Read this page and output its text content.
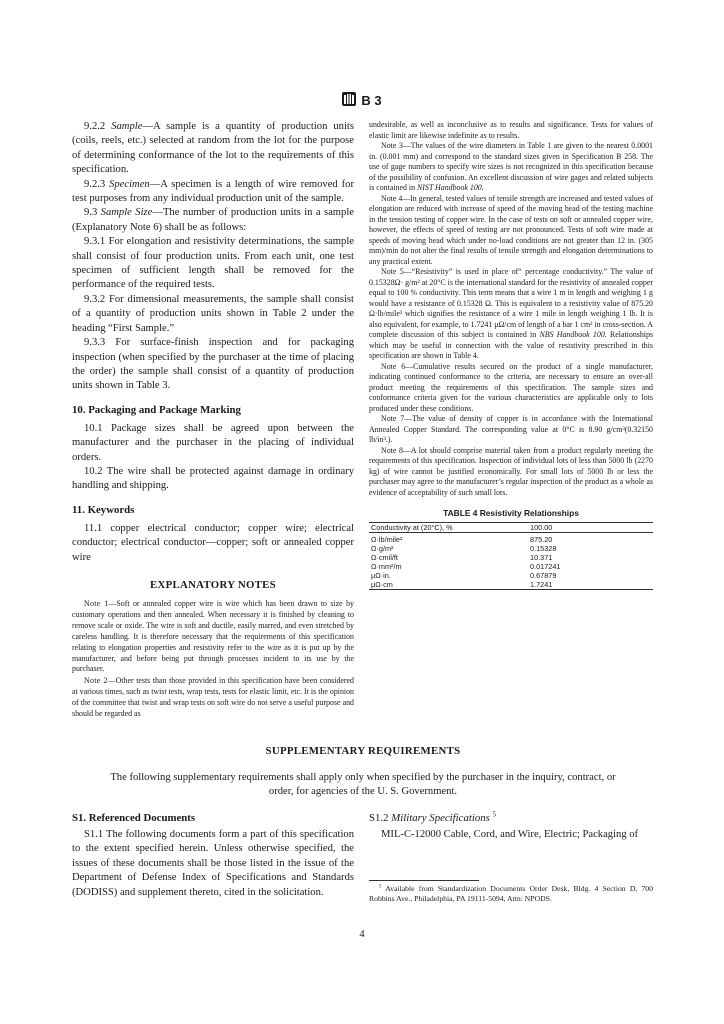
B 3

9.2.2 Sample—A sample is a quantity of production units (coils, reels, etc.) selected at random from the lot for the purpose of determining conformance of the lot to the requirements of this specification.

9.2.3 Specimen—A specimen is a length of wire removed for test purposes from any individual production unit of the sample.

9.3 Sample Size—The number of production units in a sample (Explanatory Note 6) shall be as follows:

9.3.1 For elongation and resistivity determinations, the sample shall consist of four production units. From each unit, one test specimen of sufficient length shall be removed for the performance of the required tests.

9.3.2 For dimensional measurements, the sample shall consist of a quantity of production units shown in Table 2 under the heading “First Sample.”

9.3.3 For surface-finish inspection and for packaging inspection (when specified by the purchaser at the time of placing the order) the sample shall consist of a quantity of production units shown in Table 3.

10. Packaging and Package Marking

10.1 Package sizes shall be agreed upon between the manufacturer and the purchaser in the placing of individual orders.

10.2 The wire shall be protected against damage in ordinary handling and shipping.

11. Keywords

11.1 copper electrical conductor; copper wire; electrical conductor; electrical conductor—copper; soft or annealed copper wire

EXPLANATORY NOTES

Note 1—Soft or annealed copper wire is wire which has been drawn to size by customary operations and then annealed. When necessary it is finished by cleaning to remove scale or oxide. The wire is soft and ductile, easily marred, and even stretched by careless handling. It is therefore necessary that the requirements of this specification relating to elongation properties and resistivity refer to the wire as it is put up by the manufacturer, and before being put through processes incident to its use by the purchaser.

Note 2—Other tests than those provided in this specification have been considered at various times, such as twist tests, wrap tests, tests for elastic limit, etc. It is the opinion of the committee that twist and wrap tests on soft wire do not serve a useful purpose and should be regarded as

undesirable, as well as inconclusive as to results and significance. Tests for values of elastic limit are likewise indefinite as to results.

Note 3—The values of the wire diameters in Table 1 are given to the nearest 0.0001 in. (0.001 mm) and correspond to the standard sizes given in Specification B 258. The use of gage numbers to specify wire sizes is not recognized in this specification because of the possibility of confusion. An excellent discussion of wire gages and related subjects is contained in NIST Handbook 100.

Note 4—In general, tested values of tensile strength are increased and tested values of elongation are reduced with increase of speed of the moving head of the testing machine in the tension testing of copper wire. In the case of tests on soft or annealed copper wire, however, the effects of speed of testing are not pronounced. Tests of soft wire made at speeds of moving head which under no-load conditions are not greater than 12 in. (305 mm)/min do not alter the final results of tensile strength and elongation determinations to any practical extent.

Note 5—“Resistivity” is used in place of“ percentage conductivity.” The value of 0.15328Ω· g/m² at 20°C is the international standard for the resistivity of annealed copper equal to 100 % conductivity. This term means that a wire 1 m in length and weighing 1 g would have a resistance of 0.15328 Ω. This is equivalent to a resistivity value of 875.20 Ω·lb/mile² which signifies the resistance of a wire 1 mile in length weighing 1 lb. It is also equivalent, for example, to 1.7241 μΩ/cm of length of a bar 1 cm² in cross-section. A complete discussion of this subject is contained in NBS Handbook 100. Relationships which may be useful in connection with the value of resistivity prescribed in this specification are shown in Table 4.

Note 6—Cumulative results secured on the product of a single manufacturer, indicating continued conformance to the criteria, are necessary to ensure an over-all product meeting the requirements of this specification. The sample sizes and conformance criteria given for the various characteristics are applicable only to lots produced under these conditions.

Note 7—The value of density of copper is in accordance with the International Annealed Copper Standard. The corresponding value at 0°C is 8.90 g/cm³(0.32150 lb/in³.).

Note 8—A lot should comprise material taken from a product regularly meeting the requirements of this specification. Inspection of individual lots of less than 5000 lb (2270 kg) of wire cannot be justified economically. For small lots of 5000 lb or less the purchaser may agree to the manufacturer’s regular inspection of the product as a whole as evidence of acceptability of such small lots.

TABLE 4 Resistivity Relationships

Conductivity at (20°C), %	100.00

Ω·lb/mile²	875.20
Ω·g/m²	0.15328
Ω·cmil/ft	10.371
Ω·mm²/m	0.017241
μΩ·in.	0.67879
μΩ·cm	1.7241

SUPPLEMENTARY REQUIREMENTS

The following supplementary requirements shall apply only when specified by the purchaser in the inquiry, contract, or order, for agencies of the U. S. Government.

S1. Referenced Documents

S1.1 The following documents form a part of this specification to the extent specified herein. Unless otherwise specified, the issues of these documents shall be those listed in the issue of the Department of Defense Index of Specifications and Standards (DODISS) and supplement thereto, cited in the solicitation.

S1.2 Military Specifications $^5$

MIL-C-12000 Cable, Cord, and Wire, Electric; Packaging of

$^5$ Available from Standardization Documents Order Desk, Bldg. 4 Section D, 700 Robbins Ave., Philadelphia, PA 19111-5094, Attn: NPODS.

4
